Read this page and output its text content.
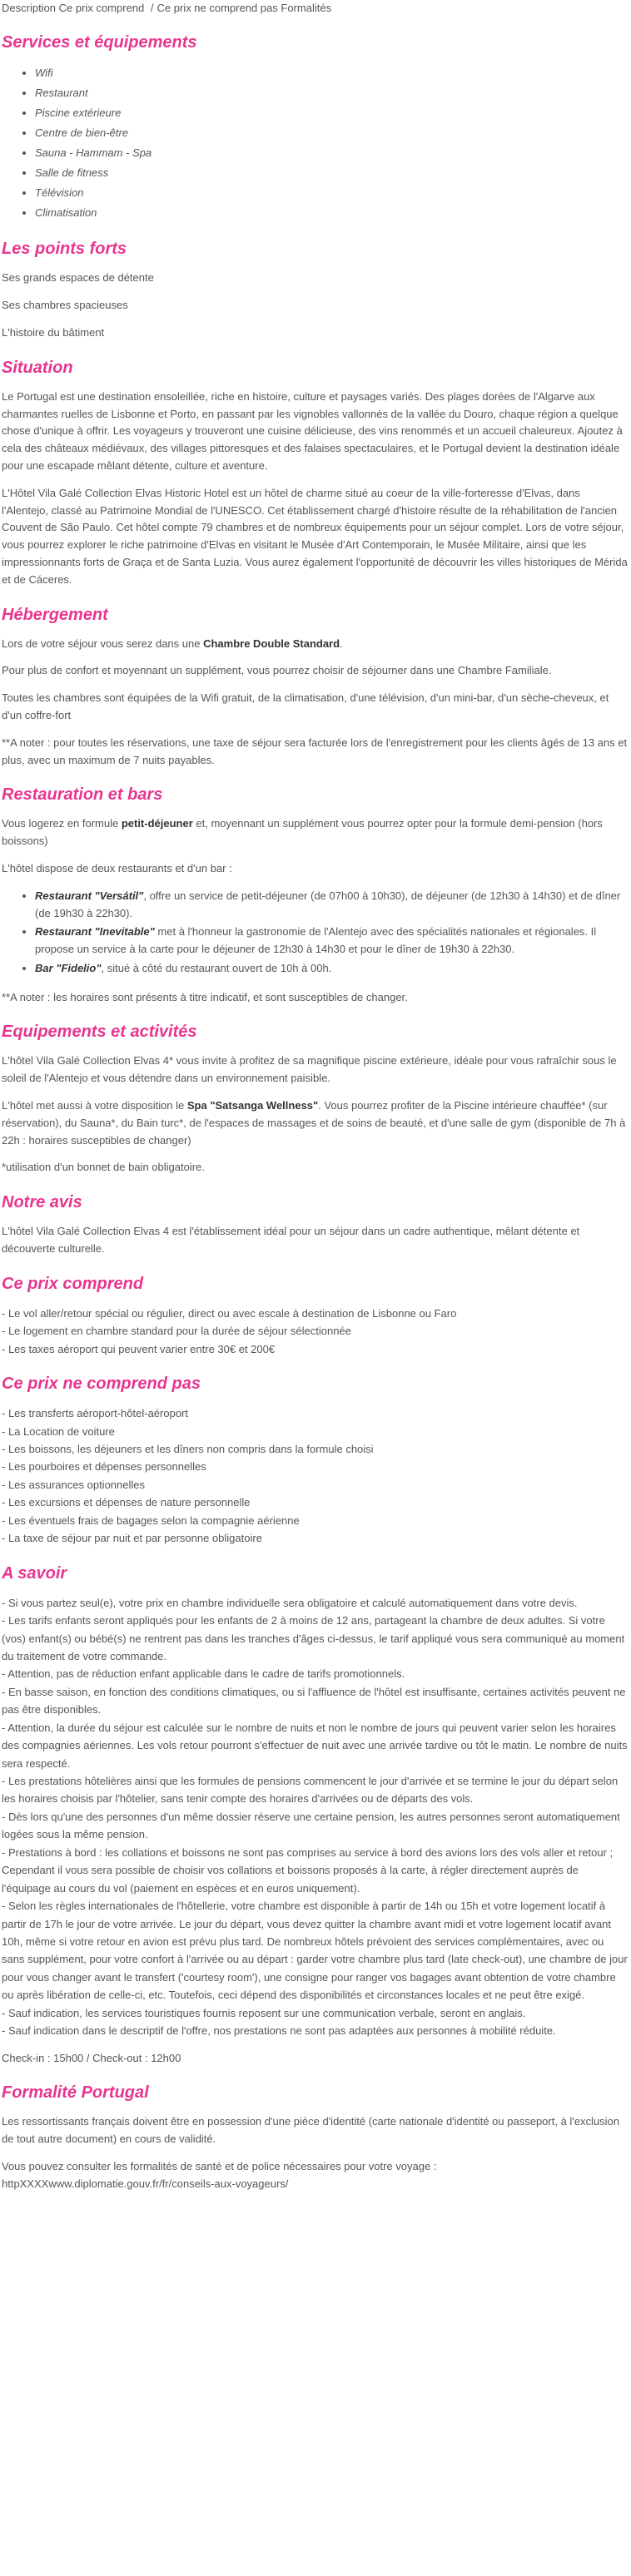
Description Ce prix comprend / Ce prix ne comprend pas Formalités
Services et équipements
• Wifi
• Restaurant
• Piscine extérieure
• Centre de bien-être
• Sauna - Hammam - Spa
• Salle de fitness
• Télévision
• Climatisation
Les points forts

Ses grands espaces de détente

Ses chambres spacieuses

L'histoire du bâtiment

Situation

Le Portugal est une destination ensoleillée, riche en histoire, culture et paysages variés. Des plages dorées de l'Algarve aux charmantes ruelles de Lisbonne et Porto, en passant par les vignobles vallonnés de la vallée du Douro, chaque région a quelque chose d'unique à offrir. Les voyageurs y trouveront une cuisine délicieuse, des vins renommés et un accueil chaleureux. Ajoutez à cela des châteaux médiévaux, des villages pittoresques et des falaises spectaculaires, et le Portugal devient la destination idéale pour une escapade mêlant détente, culture et aventure.

L'Hôtel Vila Galé Collection Elvas Historic Hotel est un hôtel de charme situé au coeur de la ville-forteresse d'Elvas, dans l'Alentejo, classé au Patrimoine Mondial de l'UNESCO. Cet établissement chargé d'histoire résulte de la réhabilitation de l'ancien Couvent de São Paulo. Cet hôtel compte 79 chambres et de nombreux équipements pour un séjour complet. Lors de votre séjour, vous pourrez explorer le riche patrimoine d'Elvas en visitant le Musée d'Art Contemporain, le Musée Militaire, ainsi que les impressionnants forts de Graça et de Santa Luzia. Vous aurez également l'opportunité de découvrir les villes historiques de Mérida et de Cáceres.

Hébergement

Lors de votre séjour vous serez dans une Chambre Double Standard.

Pour plus de confort et moyennant un supplément, vous pourrez choisir de séjourner dans une Chambre Familiale.

Toutes les chambres sont équipées de la Wifi gratuit, de la climatisation, d'une télévision, d'un mini-bar, d'un sèche-cheveux, et d'un coffre-fort

**A noter : pour toutes les réservations, une taxe de séjour sera facturée lors de l'enregistrement pour les clients âgés de 13 ans et plus, avec un maximum de 7 nuits payables.

Restauration et bars

Vous logerez en formule petit-déjeuner et, moyennant un supplément vous pourrez opter pour la formule demi-pension (hors boissons)

L'hôtel dispose de deux restaurants et d'un bar :

• Restaurant "Versátil", offre un service de petit-déjeuner (de 07h00 à 10h30), de déjeuner (de 12h30 à 14h30) et de dîner (de 19h30 à 22h30).
• Restaurant "Inevitable" met à l'honneur la gastronomie de l'Alentejo avec des spécialités nationales et régionales. Il propose un service à la carte pour le déjeuner de 12h30 à 14h30 et pour le dîner de 19h30 à 22h30.
• Bar "Fidelio", situé à côté du restaurant ouvert de 10h à 00h.

**A noter : les horaires sont présents à titre indicatif, et sont susceptibles de changer.

Equipements et activités

L'hôtel Vila Galé Collection Elvas 4* vous invite à profitez de sa magnifique piscine extérieure, idéale pour vous rafraîchir sous le soleil de l'Alentejo et vous détendre dans un environnement paisible.

L'hôtel met aussi à votre disposition le Spa "Satsanga Wellness". Vous pourrez profiter de la Piscine intérieure chauffée* (sur réservation), du Sauna*, du Bain turc*, de l'espaces de massages et de soins de beauté, et d'une salle de gym (disponible de 7h à 22h : horaires susceptibles de changer)

*utilisation d'un bonnet de bain obligatoire.

Notre avis

L'hôtel Vila Galé Collection Elvas 4 est l'établissement idéal pour un séjour dans un cadre authentique, mêlant détente et découverte culturelle.

Ce prix comprend
- Le vol aller/retour spécial ou régulier, direct ou avec escale à destination de Lisbonne ou Faro
- Le logement en chambre standard pour la durée de séjour sélectionnée
- Les taxes aéroport qui peuvent varier entre 30€ et 200€
Ce prix ne comprend pas
- Les transferts aéroport-hôtel-aéroport
- La Location de voiture
- Les boissons, les déjeuners et les dîners non compris dans la formule choisi
- Les pourboires et dépenses personnelles
- Les assurances optionnelles
- Les excursions et dépenses de nature personnelle
- Les éventuels frais de bagages selon la compagnie aérienne
- La taxe de séjour par nuit et par personne obligatoire
A savoir
- Si vous partez seul(e), votre prix en chambre individuelle sera obligatoire et calculé automatiquement dans votre devis.
- Les tarifs enfants seront appliqués pour les enfants de 2 à moins de 12 ans, partageant la chambre de deux adultes. Si votre (vos) enfant(s) ou bébé(s) ne rentrent pas dans les tranches d'âges ci-dessus, le tarif appliqué vous sera communiqué au moment du traitement de votre commande.
- Attention, pas de réduction enfant applicable dans le cadre de tarifs promotionnels.
- En basse saison, en fonction des conditions climatiques, ou si l'affluence de l'hôtel est insuffisante, certaines activités peuvent ne pas être disponibles.
- Attention, la durée du séjour est calculée sur le nombre de nuits et non le nombre de jours qui peuvent varier selon les horaires des compagnies aériennes. Les vols retour pourront s'effectuer de nuit avec une arrivée tardive ou tôt le matin. Le nombre de nuits sera respecté.
- Les prestations hôtelières ainsi que les formules de pensions commencent le jour d'arrivée et se termine le jour du départ selon les horaires choisis par l'hôtelier, sans tenir compte des horaires d'arrivées ou de départs des vols.
- Dès lors qu'une des personnes d'un même dossier réserve une certaine pension, les autres personnes seront automatiquement logées sous la même pension.
- Prestations à bord : les collations et boissons ne sont pas comprises au service à bord des avions lors des vols aller et retour ; Cependant il vous sera possible de choisir vos collations et boissons proposés à la carte, à régler directement auprès de l'équipage au cours du vol (paiement en espèces et en euros uniquement).
- Selon les règles internationales de l'hôtellerie, votre chambre est disponible à partir de 14h ou 15h et votre logement locatif à partir de 17h le jour de votre arrivée. Le jour du départ, vous devez quitter la chambre avant midi et votre logement locatif avant 10h, même si votre retour en avion est prévu plus tard. De nombreux hôtels prévoient des services complémentaires, avec ou sans supplément, pour votre confort à l'arrivée ou au départ : garder votre chambre plus tard (late check-out), une chambre de jour pour vous changer avant le transfert ('courtesy room'), une consigne pour ranger vos bagages avant obtention de votre chambre ou après libération de celle-ci, etc. Toutefois, ceci dépend des disponibilités et circonstances locales et ne peut être exigé.
- Sauf indication, les services touristiques fournis reposent sur une communication verbale, seront en anglais.
- Sauf indication dans le descriptif de l'offre, nos prestations ne sont pas adaptées aux personnes à mobilité réduite.

Check-in : 15h00 / Check-out : 12h00

Formalité Portugal

Les ressortissants français doivent être en possession d'une pièce d'identité (carte nationale d'identité ou passeport, à l'exclusion de tout autre document) en cours de validité.

Vous pouvez consulter les formalités de santé et de police nécessaires pour votre voyage : httpXXXXwww.diplomatie.gouv.fr/fr/conseils-aux-voyageurs/
